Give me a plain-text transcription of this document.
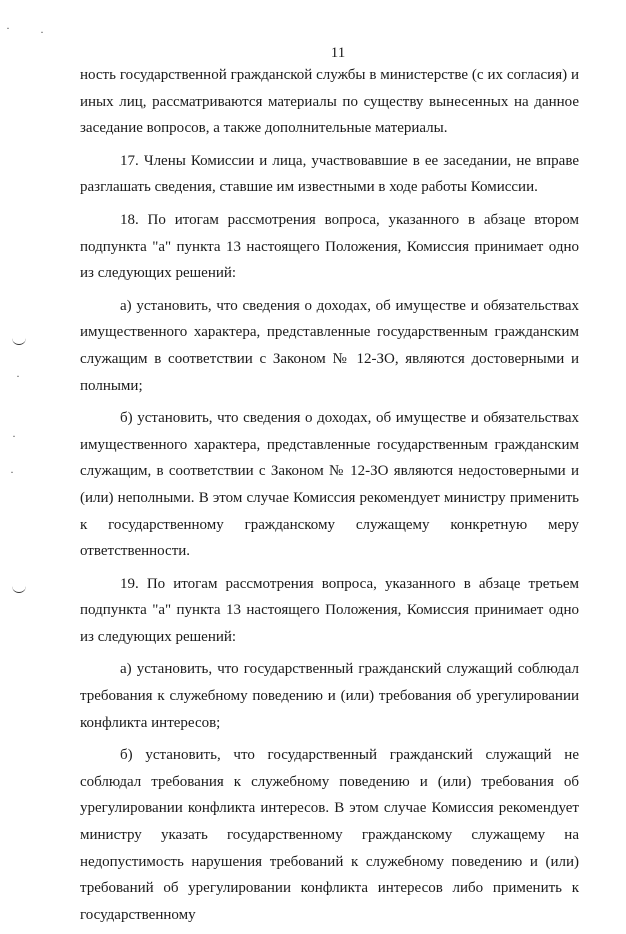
11

ность государственной гражданской службы в министерстве (с их согласия) и иных лиц, рассматриваются материалы по существу вынесенных на данное заседание вопросов, а также дополнительные материалы.

17. Члены Комиссии и лица, участвовавшие в ее заседании, не вправе разглашать сведения, ставшие им известными в ходе работы Комиссии.

18. По итогам рассмотрения вопроса, указанного в абзаце втором подпункта "а" пункта 13 настоящего Положения, Комиссия принимает одно из следующих решений:

а) установить, что сведения о доходах, об имуществе и обязательствах имущественного характера, представленные государственным гражданским служащим в соответствии с Законом № 12-ЗО, являются достоверными и полными;

б) установить, что сведения о доходах, об имуществе и обязательствах имущественного характера, представленные государственным гражданским служащим, в соответствии с Законом № 12-ЗО являются недостоверными и (или) неполными. В этом случае Комиссия рекомендует министру применить к государственному гражданскому служащему конкретную меру ответственности.

19. По итогам рассмотрения вопроса, указанного в абзаце третьем подпункта "а" пункта 13 настоящего Положения, Комиссия принимает одно из следующих решений:

а) установить, что государственный гражданский служащий соблюдал требования к служебному поведению и (или) требования об урегулировании конфликта интересов;

б) установить, что государственный гражданский служащий не соблюдал требования к служебному поведению и (или) требования об урегулировании конфликта интересов. В этом случае Комиссия рекомендует министру указать государственному гражданскому служащему на недопустимость нарушения требований к служебному поведению и (или) требований об урегулировании конфликта интересов либо применить к государственному

·	·
·
·
·
